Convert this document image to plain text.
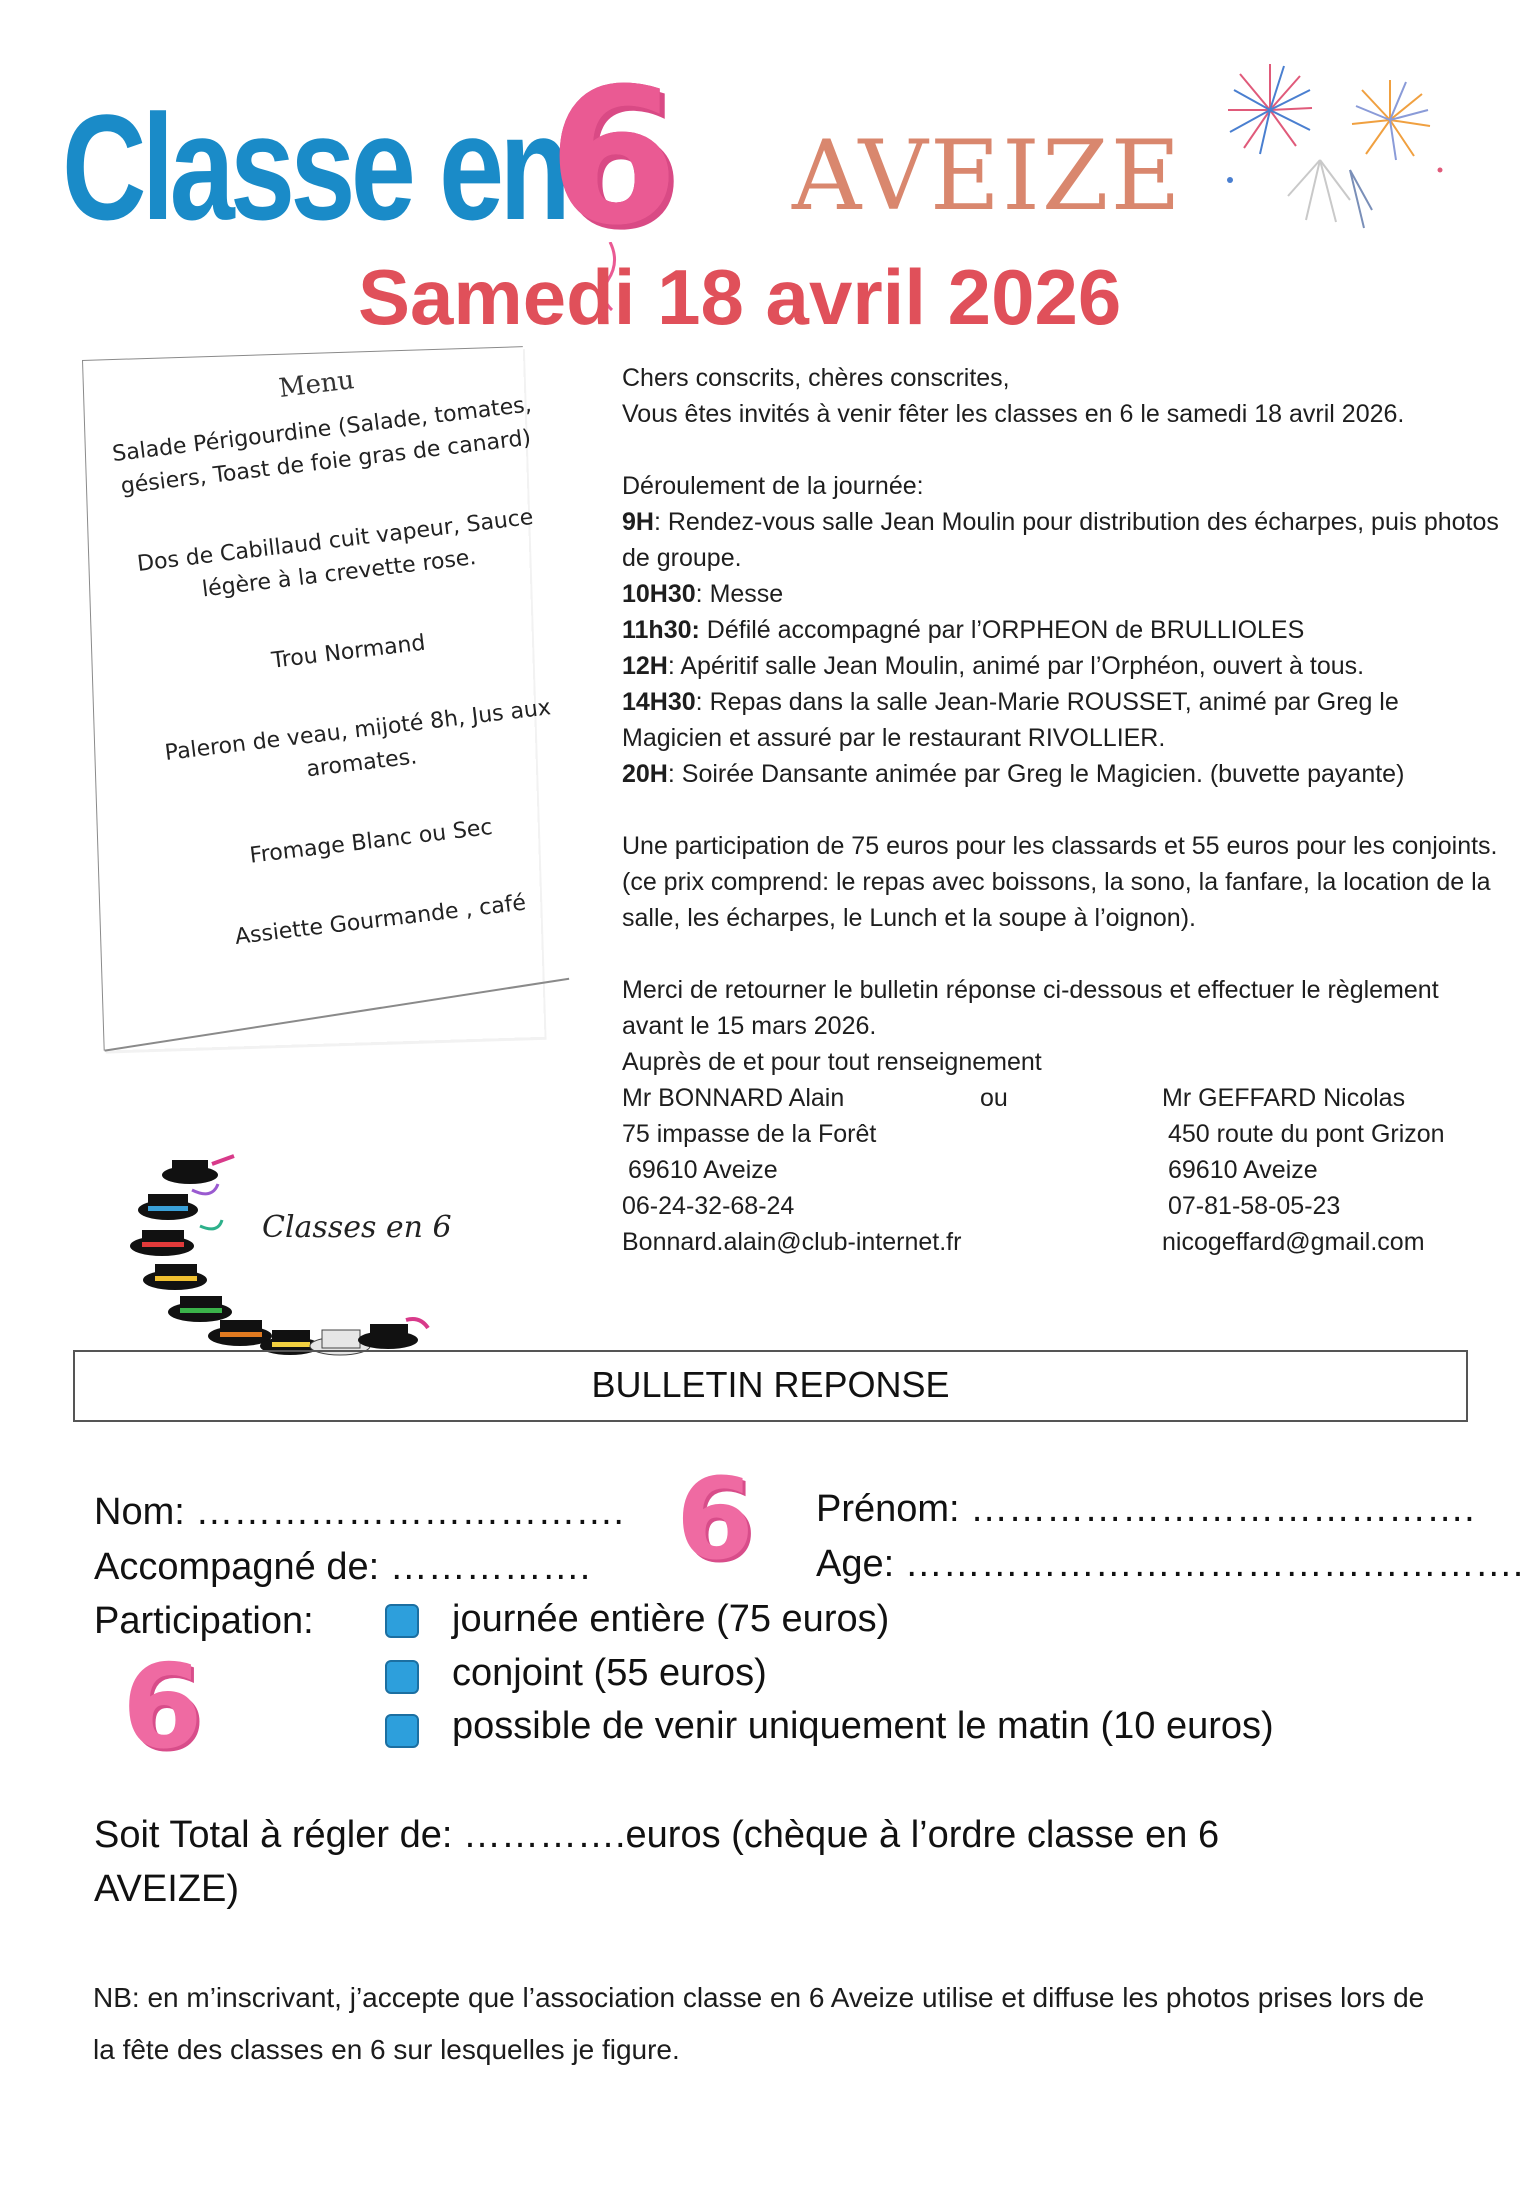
Classe en
6 AVEIZE
Samedi 18 avril 2026
Menu
Salade Périgourdine (Salade, tomates, gésiers, Toast de foie gras de canard)
Dos de Cabillaud cuit vapeur, Sauce légère à la crevette rose.
Trou Normand
Paleron de veau, mijoté 8h, Jus aux aromates.
Fromage Blanc ou Sec
Assiette Gourmande , café

Chers conscrits, chères conscrites,

Vous êtes invités à venir fêter les classes en 6 le samedi 18 avril 2026.

Déroulement de la journée:

9H: Rendez-vous salle Jean Moulin pour distribution des écharpes, puis photos de groupe.

10H30: Messe

11h30: Défilé accompagné par l’ORPHEON de BRULLIOLES

12H: Apéritif salle Jean Moulin, animé par l’Orphéon, ouvert à tous.

14H30: Repas dans la salle Jean-Marie ROUSSET, animé par Greg le Magicien et assuré par le restaurant RIVOLLIER.

20H: Soirée Dansante animée par Greg le Magicien. (buvette payante)

Une participation de 75 euros pour les classards et 55 euros pour les conjoints.(ce prix comprend: le repas avec boissons, la sono, la fanfare, la location de la salle, les écharpes, le Lunch et la soupe à l’oignon).

Merci de retourner le bulletin réponse ci-dessous et effectuer le règlement avant le 15 mars 2026.

Auprès de et pour tout renseignement

Mr BONNARD Alain
75 impasse de la Forêt
69610 Aveize
06-24-32-68-24
Bonnard.alain@club-internet.fr
ou	Mr GEFFARD Nicolas
450 route du pont Grizon
69610 Aveize
07-81-58-05-23
nicogeffard@gmail.com
Classes en 6
BULLETIN REPONSE
Nom: …………………………….
Accompagné de: ……………. 6 Prénom: ………………………………….
Age: ………………………………………….
Participation:
6
journée entière (75 euros)
conjoint (55 euros)
possible de venir uniquement le matin (10 euros)
Soit Total à régler de: ………….euros (chèque à l’ordre classe en 6
AVEIZE)
NB: en m’inscrivant, j’accepte que l’association classe en 6 Aveize utilise et diffuse les photos prises lors de la fête des classes en 6 sur lesquelles je figure.
